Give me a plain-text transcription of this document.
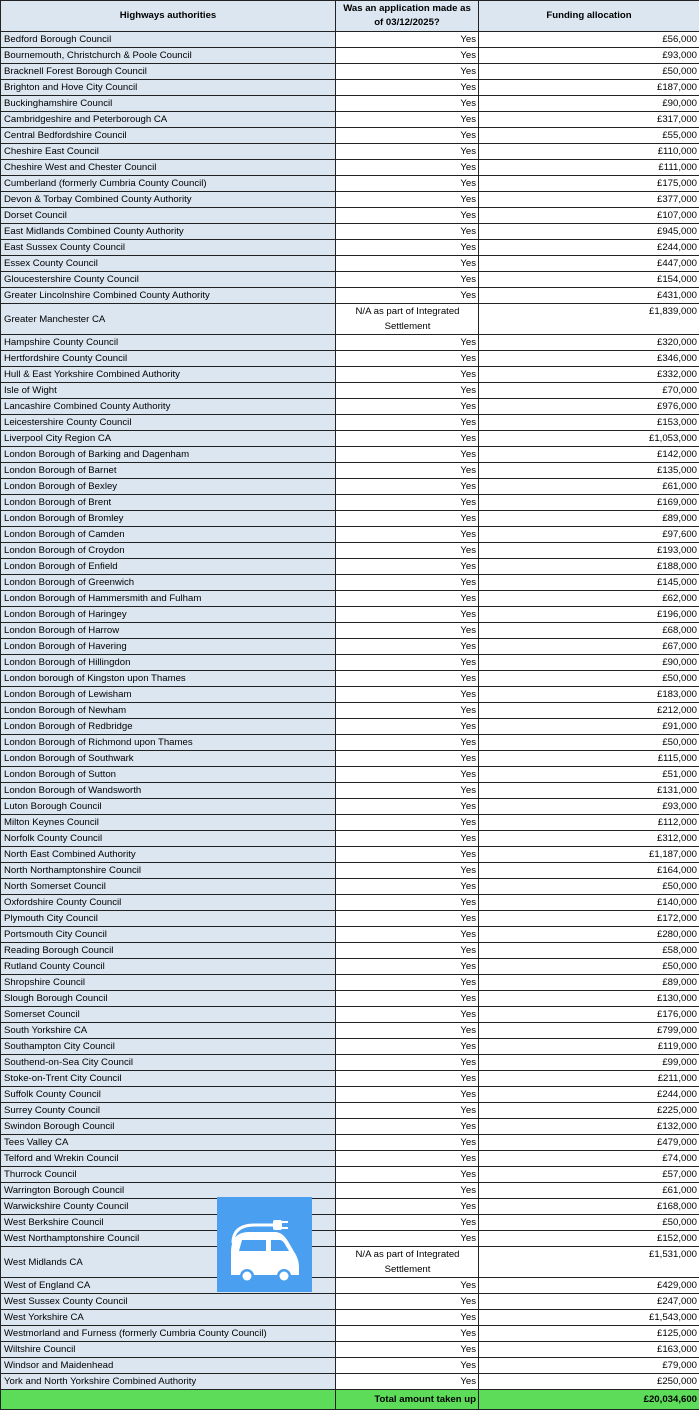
Highways authorities	Was an application made as of 03/12/2025?	Funding allocation
Bedford Borough Council	Yes	£56,000
Bournemouth, Christchurch & Poole Council	Yes	£93,000
Bracknell Forest Borough Council	Yes	£50,000
Brighton and Hove City Council	Yes	£187,000
Buckinghamshire Council	Yes	£90,000
Cambridgeshire and Peterborough CA	Yes	£317,000
Central Bedfordshire Council	Yes	£55,000
Cheshire East Council	Yes	£110,000
Cheshire West and Chester Council	Yes	£111,000
Cumberland (formerly Cumbria County Council)	Yes	£175,000
Devon & Torbay Combined County Authority	Yes	£377,000
Dorset Council	Yes	£107,000
East Midlands Combined County Authority	Yes	£945,000
East Sussex County Council	Yes	£244,000
Essex County Council	Yes	£447,000
Gloucestershire County Council	Yes	£154,000
Greater Lincolnshire Combined County Authority	Yes	£431,000
Greater Manchester CA	N/A as part of Integrated Settlement	£1,839,000
Hampshire County Council	Yes	£320,000
Hertfordshire County Council	Yes	£346,000
Hull & East Yorkshire Combined Authority	Yes	£332,000
Isle of Wight	Yes	£70,000
Lancashire Combined County Authority	Yes	£976,000
Leicestershire County Council	Yes	£153,000
Liverpool City Region CA	Yes	£1,053,000
London Borough of Barking and Dagenham	Yes	£142,000
London Borough of Barnet	Yes	£135,000
London Borough of Bexley	Yes	£61,000
London Borough of Brent	Yes	£169,000
London Borough of Bromley	Yes	£89,000
London Borough of Camden	Yes	£97,600
London Borough of Croydon	Yes	£193,000
London Borough of Enfield	Yes	£188,000
London Borough of Greenwich	Yes	£145,000
London Borough of Hammersmith and Fulham	Yes	£62,000
London Borough of Haringey	Yes	£196,000
London Borough of Harrow	Yes	£68,000
London Borough of Havering	Yes	£67,000
London Borough of Hillingdon	Yes	£90,000
London borough of Kingston upon Thames	Yes	£50,000
London Borough of Lewisham	Yes	£183,000
London Borough of Newham	Yes	£212,000
London Borough of Redbridge	Yes	£91,000
London Borough of Richmond upon Thames	Yes	£50,000
London Borough of Southwark	Yes	£115,000
London Borough of Sutton	Yes	£51,000
London Borough of Wandsworth	Yes	£131,000
Luton Borough Council	Yes	£93,000
Milton Keynes Council	Yes	£112,000
Norfolk County Council	Yes	£312,000
North East Combined Authority	Yes	£1,187,000
North Northamptonshire Council	Yes	£164,000
North Somerset Council	Yes	£50,000
Oxfordshire County Council	Yes	£140,000
Plymouth City Council	Yes	£172,000
Portsmouth City Council	Yes	£280,000
Reading Borough Council	Yes	£58,000
Rutland County Council	Yes	£50,000
Shropshire Council	Yes	£89,000
Slough Borough Council	Yes	£130,000
Somerset Council	Yes	£176,000
South Yorkshire CA	Yes	£799,000
Southampton City Council	Yes	£119,000
Southend-on-Sea City Council	Yes	£99,000
Stoke-on-Trent City Council	Yes	£211,000
Suffolk County Council	Yes	£244,000
Surrey County Council	Yes	£225,000
Swindon Borough Council	Yes	£132,000
Tees Valley CA	Yes	£479,000
Telford and Wrekin Council	Yes	£74,000
Thurrock Council	Yes	£57,000
Warrington Borough Council	Yes	£61,000
Warwickshire County Council	Yes	£168,000
West Berkshire Council	Yes	£50,000
West Northamptonshire Council	Yes	£152,000
West Midlands CA	N/A as part of Integrated Settlement	£1,531,000
West of England CA	Yes	£429,000
West Sussex County Council	Yes	£247,000
West Yorkshire CA	Yes	£1,543,000
Westmorland and Furness (formerly Cumbria County Council)	Yes	£125,000
Wiltshire Council	Yes	£163,000
Windsor and Maidenhead	Yes	£79,000
York and North Yorkshire Combined Authority	Yes	£250,000
	Total amount taken up	£20,034,600
